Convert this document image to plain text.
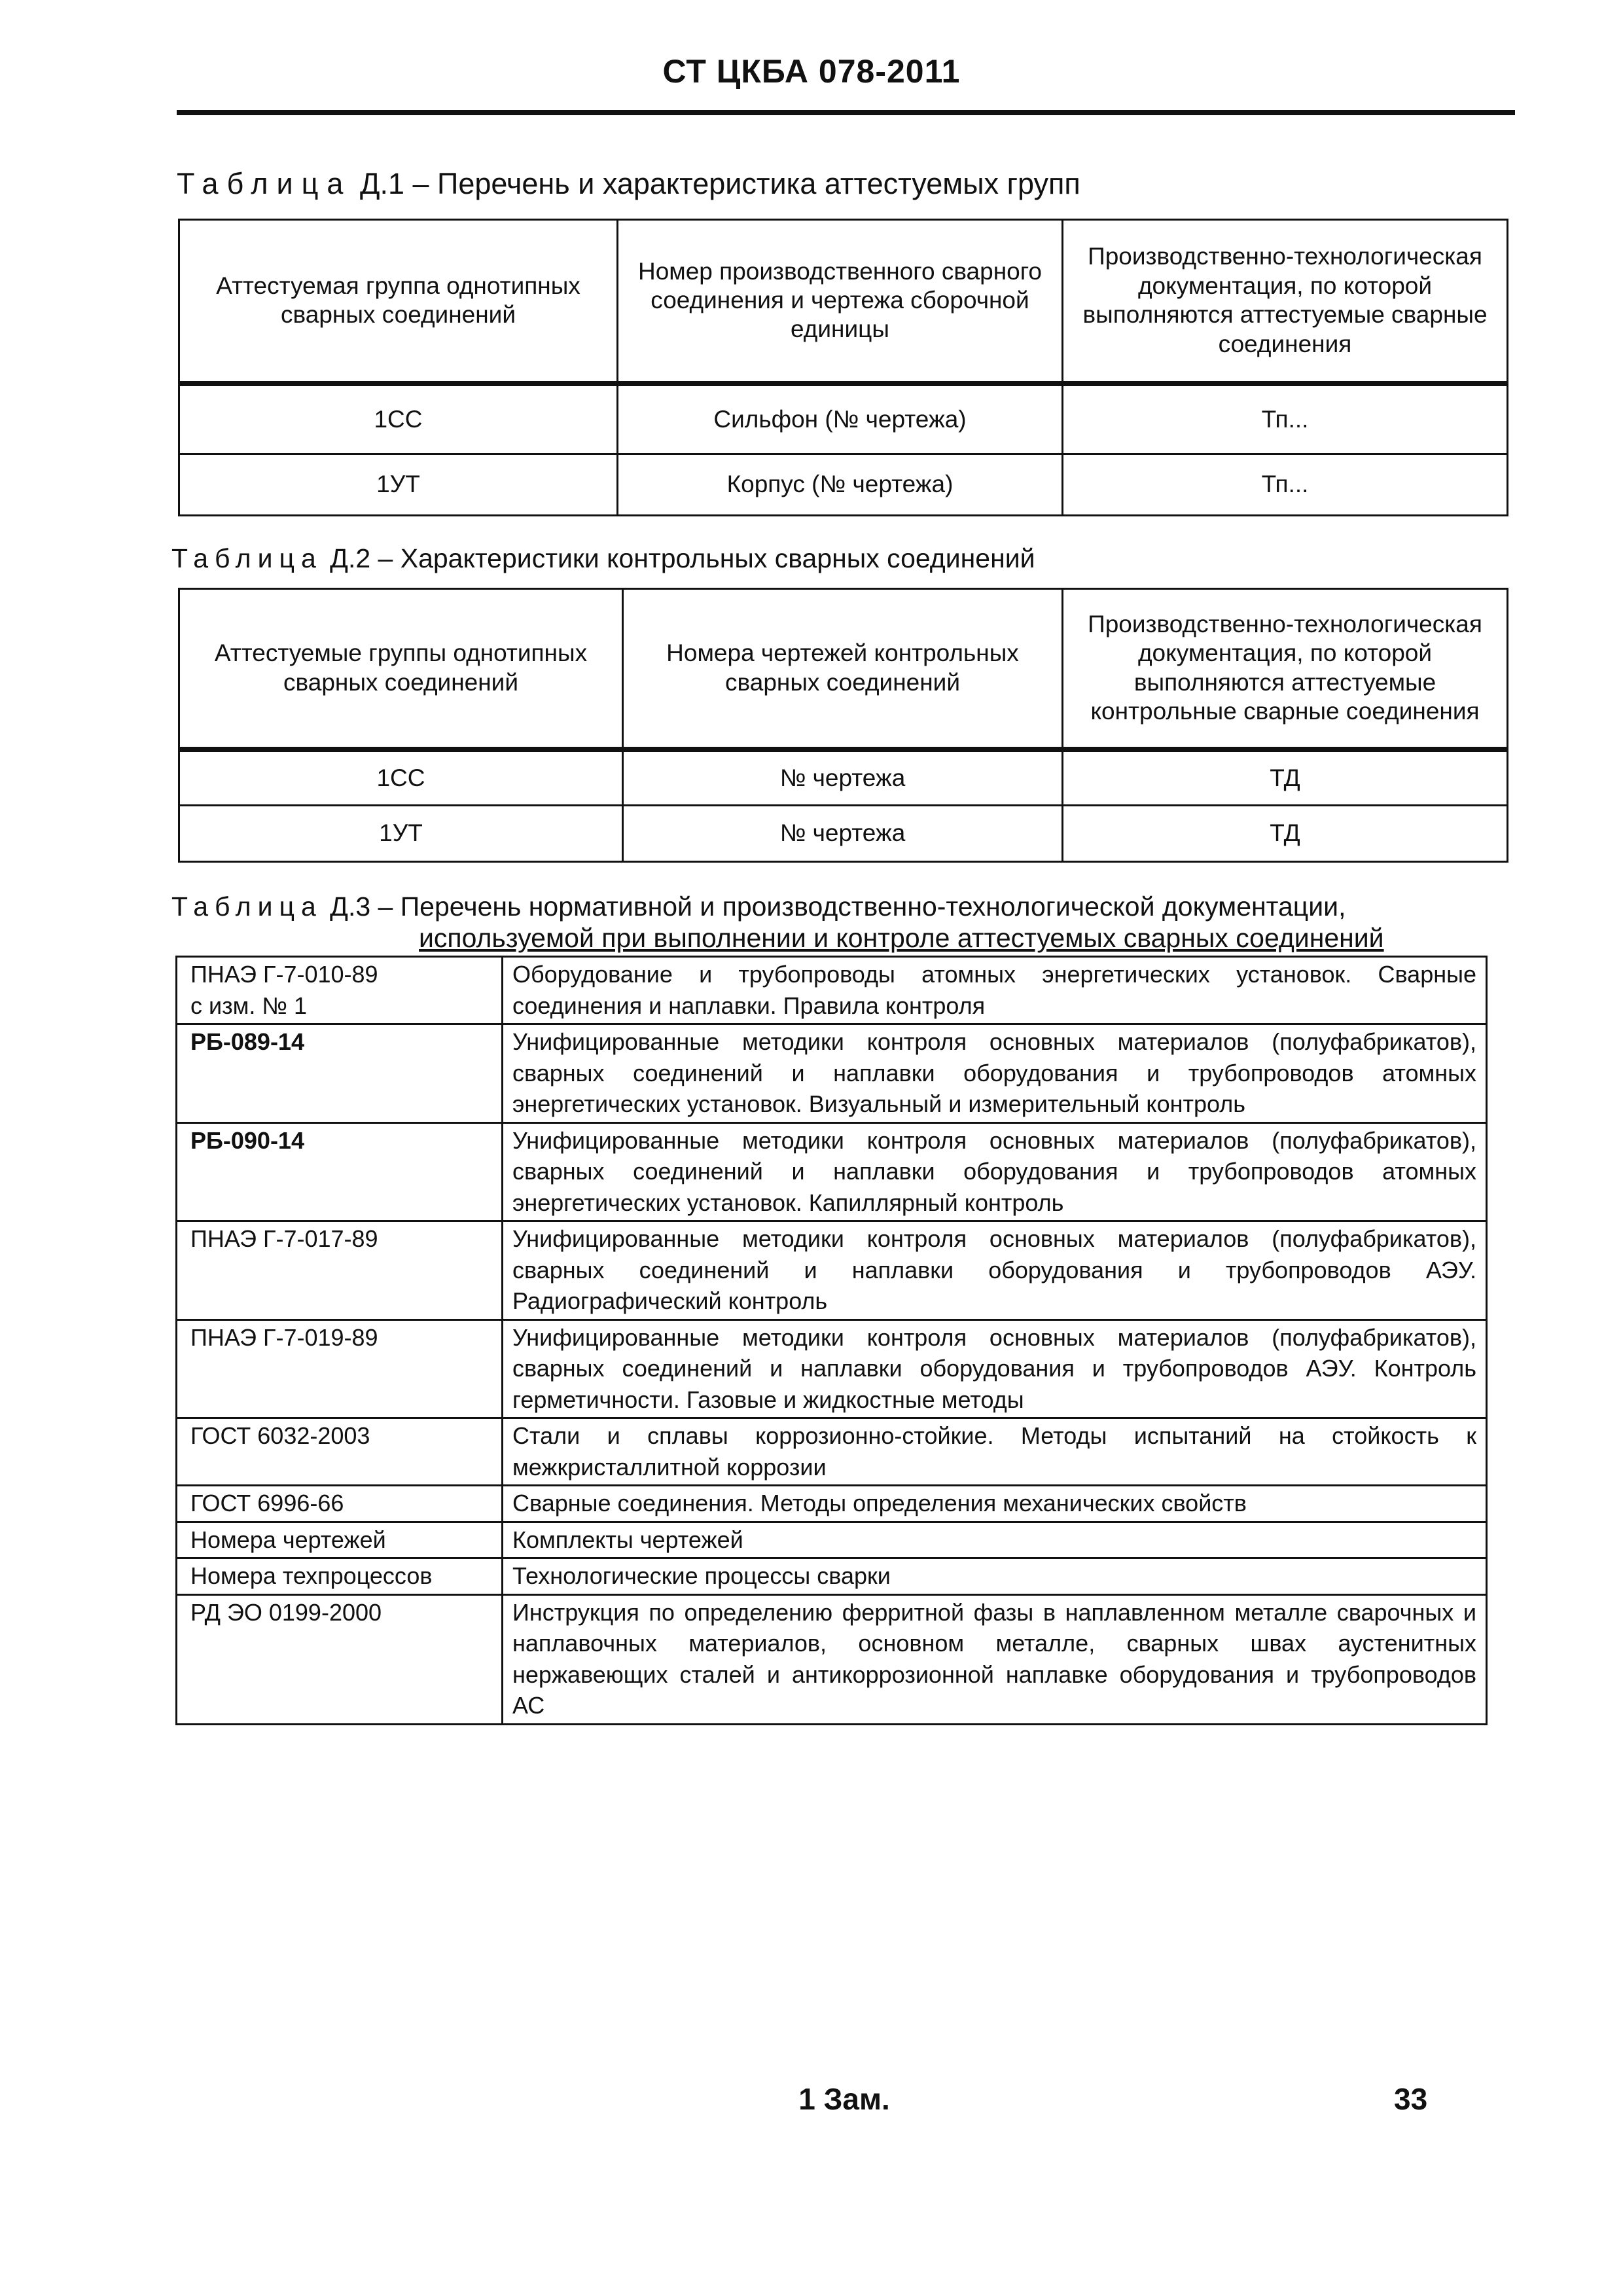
СТ ЦКБА 078-2011
Таблица Д.1 – Перечень и характеристика аттестуемых групп
Аттестуемая группа однотипных сварных соединений	Номер производственного сварного соединения и чертежа сборочной единицы	Производственно-технологическая документация, по которой выполняются аттестуемые сварные соединения
1СС	Сильфон (№ чертежа)	Тп...
1УТ	Корпус (№ чертежа)	Тп...
Таблица Д.2 – Характеристики контрольных сварных соединений
Аттестуемые группы однотипных сварных соединений	Номера чертежей контрольных сварных соединений	Производственно-технологическая документация, по которой выполняются аттестуемые контрольные сварные соединения
1СС	№ чертежа	ТД
1УТ	№ чертежа	ТД
Таблица Д.3 – Перечень нормативной и производственно-технологической документации,
используемой при выполнении и контроле аттестуемых сварных соединений
ПНАЭ Г-7-010-89
с изм. № 1	Оборудование и трубопроводы атомных энергетических установок. Сварные соединения и наплавки. Правила контроля

РБ-089-14	Унифицированные методики контроля основных материалов (полуфабрикатов), сварных соединений и наплавки оборудования и трубопроводов атомных энергетических установок. Визуальный и измерительный контроль

РБ-090-14	Унифицированные методики контроля основных материалов (полуфабрикатов), сварных соединений и наплавки оборудования и трубопроводов атомных энергетических установок. Капиллярный контроль

ПНАЭ Г-7-017-89	Унифицированные методики контроля основных материалов (полуфабрикатов), сварных соединений и наплавки оборудования и трубопроводов АЭУ. Радиографический контроль

ПНАЭ Г-7-019-89	Унифицированные методики контроля основных материалов (полуфабрикатов), сварных соединений и наплавки оборудования и трубопроводов АЭУ. Контроль герметичности. Газовые и жидкостные методы

ГОСТ 6032-2003	Стали и сплавы коррозионно-стойкие. Методы испытаний на стойкость к межкристаллитной коррозии

ГОСТ 6996-66	Сварные соединения. Методы определения механических свойств

Номера чертежей	Комплекты чертежей

Номера техпроцессов	Технологические процессы сварки

РД ЭО 0199-2000	Инструкция по определению ферритной фазы в наплавленном металле сварочных и наплавочных материалов, основном металле, сварных швах аустенитных нержавеющих сталей и антикоррозионной наплавке оборудования и трубопроводов АС
1 Зам.	33
